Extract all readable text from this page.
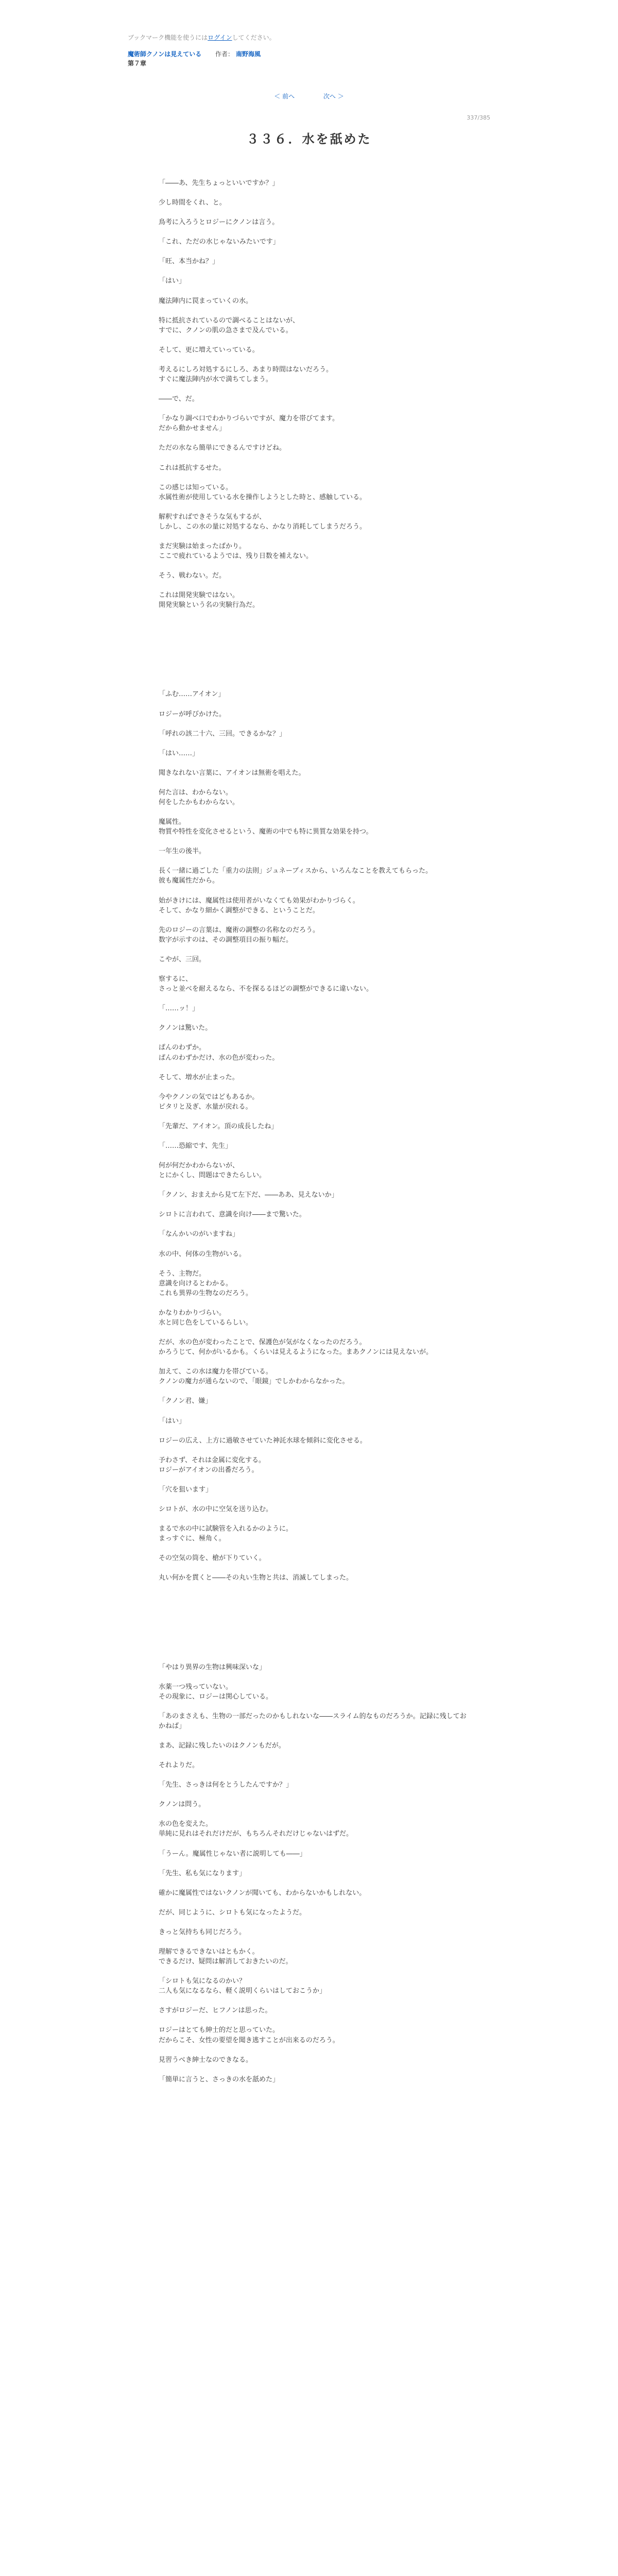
ブックマーク機能を使うにはログインしてください。
魔術師クノンは見えている 作者： 南野海風
第７章
＜ 前へ	次へ ＞
337/385
３３６．水を舐めた

「――あ、先生ちょっといいですか？」

少し時間をくれ、と。

鳥考に入ろうとロジーにクノンは言う。

「これ、ただの水じゃないみたいです」

「旺、本当かね？」

「はい」

魔法陣内に罠まっていくの水。

特に抵抗されているので調べることはないが、
すでに、クノンの肌の急さまで及んでいる。

そして、更に増えていっている。

考えるにしろ対処するにしろ、あまり時間はないだろう。
すぐに魔法陣内が水で満ちてしまう。

――で、だ。

「かなり調べ口でわかりづらいですが、魔力を帯びてます。
だから動かせません」

ただの水なら簡単にできるんですけどね。

これは抵抗するせた。

この感じは知っている。
水属性術が使用している水を操作しようとした時と、感触している。

解釈すればできそうな気もするが、
しかし、この水の量に対処するなら、かなり消耗してしまうだろう。

まだ実験は始まったばかり。
ここで疲れているようでは、残り日数を補えない。

そう、戦わない。だ。

これは開発実験ではない。
開発実験という名の実験行為だ。

「ふむ……アイオン」

ロジーが呼びかけた。

「呼れの該二十六、三回。できるかな？」

「はい……」

聞きなれない言葉に、アイオンは無術を唱えた。

何た言は、わからない。
何をしたかもわからない。

魔属性。
物質や特性を変化させるという、魔術の中でも特に異質な効果を持つ。

一年生の後半。

長く一緒に過ごした「重力の法則」ジュネーブィスから、いろんなことを教えてもらった。
彼も魔属性だから。

始がきけには、魔属性は使用者がいなくても効果がわかりづらく。
そして、かなり細かく調整ができる、ということだ。

先のロジーの言葉は、魔術の調整の名称なのだろう。
数字が示すのは、その調整項目の振り幅だ。

こやが、三回。

察するに、
さっと並べを耐えるなら、不を探るるほどの調整ができるに違いない。

「……ッ！」

クノンは驚いた。

ぱんのわずか。
ぱんのわずかだけ、水の色が変わった。

そして、増水が止まった。

今やクノンの気ではどもあるか。
ピタリと及ぎ、水量が戻れる。

「先輩だ、アイオン。頂の成長したね」

「……恐縮です、先生」

何が何だかわからないが、
とにかくし、問題はできたらしい。

「クノン、おまえから見て左下だ、――ああ、見えないか」

シロトに言われて、意識を向け――まで驚いた。

「なんかいのがいますね」

水の中、何体の生物がいる。

そう、主物だ。
意識を向けるとわかる。
これも異界の生物なのだろう。

かなりわかりづらい。
水と同じ色をしているらしい。

だが、水の色が変わったことで、保護色が気がなくなったのだろう。
かろうじて、何かがいるかも。くらいは見えるようになった。まあクノンには見えないが。

加えて、この水は魔力を帯びている。
クノンの魔力が通らないので、「眼鏡」でしかわからなかった。

「クノン君、嫌」

「はい」

ロジーの広え、上方に過敏させていた神託水球を傾斜に変化させる。

予わさず、それは金属に変化する。
ロジーがアイオンの出番だろう。

「穴を狙います」

シロトが、水の中に空気を送り込む。

まるで水の中に試験管を入れるかのように。
まっすぐに、極角く。

その空気の筒を、槍が下りていく。

丸い何かを貫くと――その丸い生物と共は、消滅してしまった。

「やはり異界の生物は興味深いな」

水薬一つ残っていない。
その現象に、ロジーは関心している。

「あのまさえも、生物の一部だったのかもしれないな――スライム的なものだろうか。記録に残しておかねば」

まあ、記録に残したいのはクノンもだが。

それよりだ。

「先生、さっきは何をとうしたんですか？」

クノンは問う。

水の色を変えた。
単純に見れはそれだけだが、もちろんそれだけじゃないはずだ。

「うーん。魔属性じゃない者に説明しても――」

「先生、私も気になります」

確かに魔属性ではないクノンが聞いても、わからないかもしれない。

だが、同じように、シロトも気になったようだ。

きっと気持ちも同じだろう。

理解できるできないはともかく。
できるだけ、疑問は解消しておきたいのだ。

「シロトも気になるのかい？
二人も気になるなら、軽く説明くらいはしておこうか」

さすがロジーだ、ヒフノンは思った。

ロジーはとても紳士的だと思っていた。
だからこそ、女性の要望を聞き逃すことが出来るのだろう。

見習うべき紳士なのできなる。

「簡単に言うと、さっきの水を舐めた」
